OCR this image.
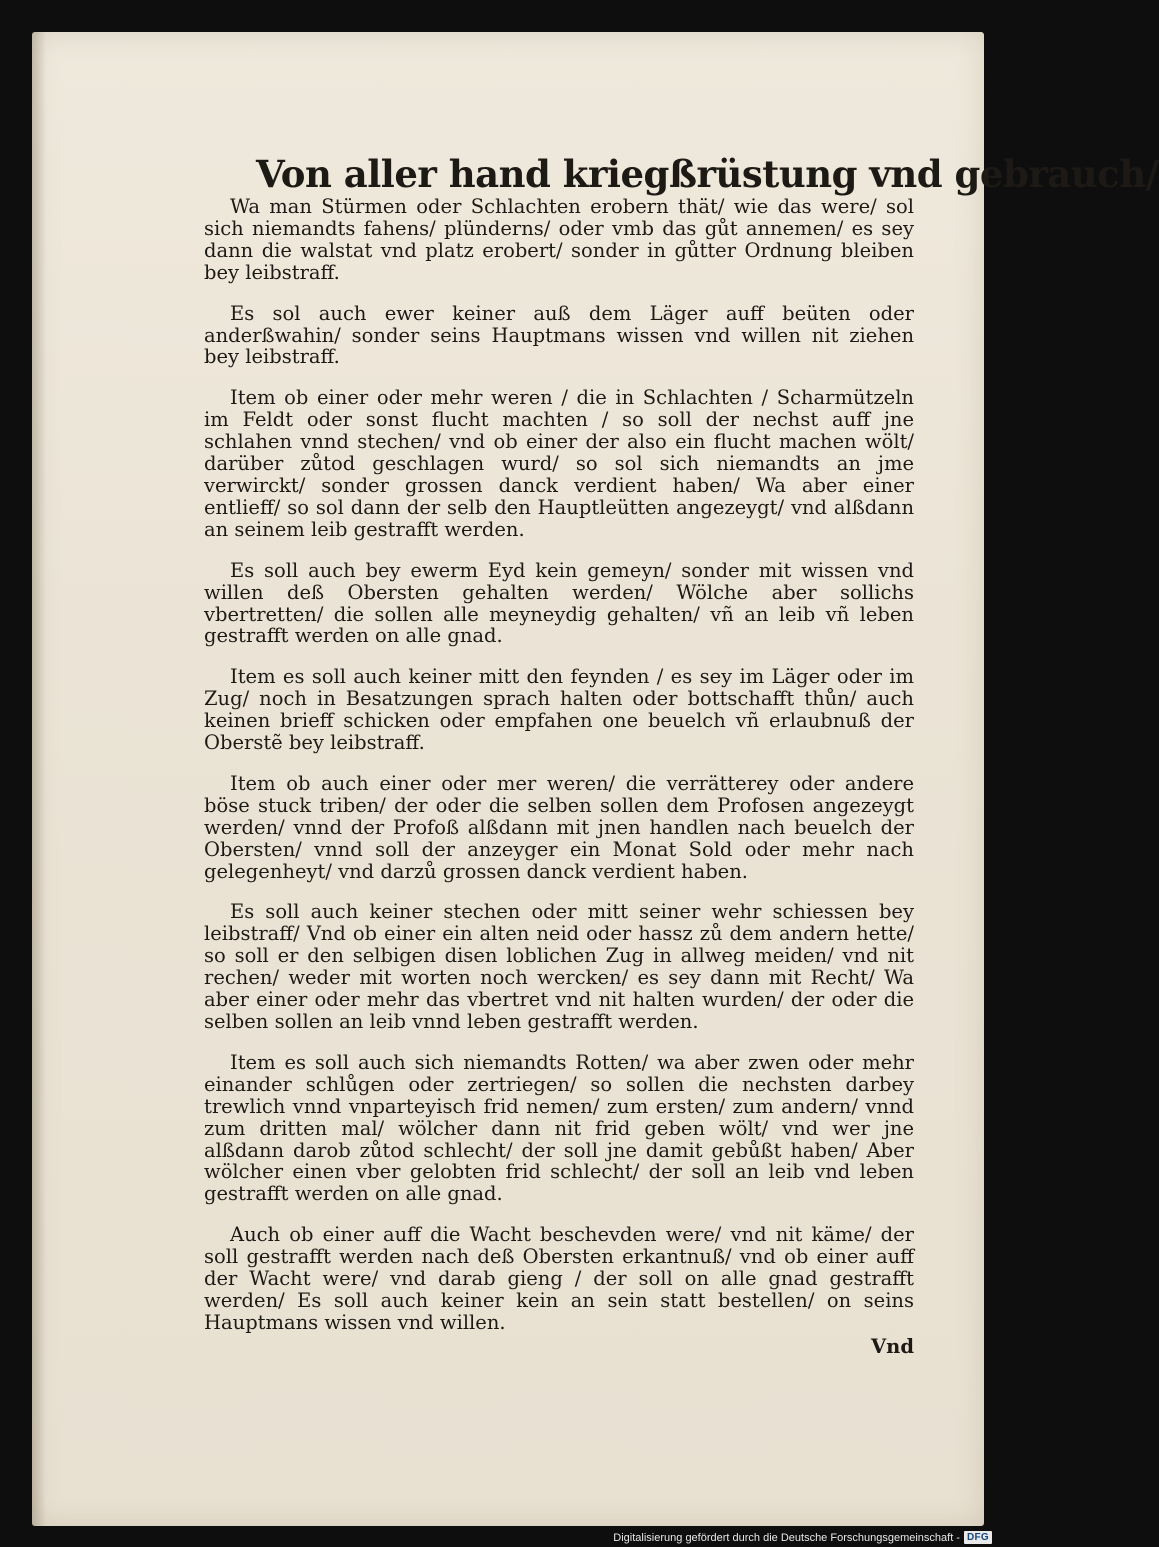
Von aller hand kriegßrüstung vnd gebrauch/

Wa man Stürmen oder Schlachten erobern thät/ wie das were/ sol sich niemandts fahens/ plünderns/ oder vmb das gůt annemen/ es sey dann die walstat vnd platz erobert/ sonder in gůtter Ordnung bleiben bey leibstraff.

Es sol auch ewer keiner auß dem Läger auff beüten oder anderßwahin/ sonder seins Hauptmans wissen vnd willen nit ziehen bey leibstraff.

Item ob einer oder mehr weren / die in Schlachten / Scharmützeln im Feldt oder sonst flucht machten / so soll der nechst auff jne schlahen vnnd stechen/ vnd ob einer der also ein flucht machen wölt/ darüber zůtod geschlagen wurd/ so sol sich niemandts an jme verwirckt/ sonder grossen danck verdient haben/ Wa aber einer entlieff/ so sol dann der selb den Hauptleütten angezeygt/ vnd alßdann an seinem leib gestrafft werden.

Es soll auch bey ewerm Eyd kein gemeyn/ sonder mit wissen vnd willen deß Obersten gehalten werden/ Wölche aber sollichs vbertretten/ die sollen alle meyneydig gehalten/ vñ an leib vñ leben gestrafft werden on alle gnad.

Item es soll auch keiner mitt den feynden / es sey im Läger oder im Zug/ noch in Besatzungen sprach halten oder bottschafft thůn/ auch keinen brieff schicken oder empfahen one beuelch vñ erlaubnuß der Oberstẽ bey leibstraff.

Item ob auch einer oder mer weren/ die verrätterey oder andere böse stuck triben/ der oder die selben sollen dem Profosen angezeygt werden/ vnnd der Profoß alßdann mit jnen handlen nach beuelch der Obersten/ vnnd soll der anzeyger ein Monat Sold oder mehr nach gelegenheyt/ vnd darzů grossen danck verdient haben.

Es soll auch keiner stechen oder mitt seiner wehr schiessen bey leibstraff/ Vnd ob einer ein alten neid oder hassz zů dem andern hette/ so soll er den selbigen disen loblichen Zug in allweg meiden/ vnd nit rechen/ weder mit worten noch wercken/ es sey dann mit Recht/ Wa aber einer oder mehr das vbertret vnd nit halten wurden/ der oder die selben sollen an leib vnnd leben gestrafft werden.

Item es soll auch sich niemandts Rotten/ wa aber zwen oder mehr einander schlůgen oder zertriegen/ so sollen die nechsten darbey trewlich vnnd vnparteyisch frid nemen/ zum ersten/ zum andern/ vnnd zum dritten mal/ wölcher dann nit frid geben wölt/ vnd wer jne alßdann darob zůtod schlecht/ der soll jne damit gebůßt haben/ Aber wölcher einen vber gelobten frid schlecht/ der soll an leib vnd leben gestrafft werden on alle gnad.

Auch ob einer auff die Wacht beschevden were/ vnd nit käme/ der soll gestrafft werden nach deß Obersten erkantnuß/ vnd ob einer auff der Wacht were/ vnd darab gieng / der soll on alle gnad gestrafft werden/ Es soll auch keiner kein an sein statt bestellen/ on seins Hauptmans wissen vnd willen.

Vnd
Digitalisierung gefördert durch die Deutsche Forschungsgemeinschaft - DFG
